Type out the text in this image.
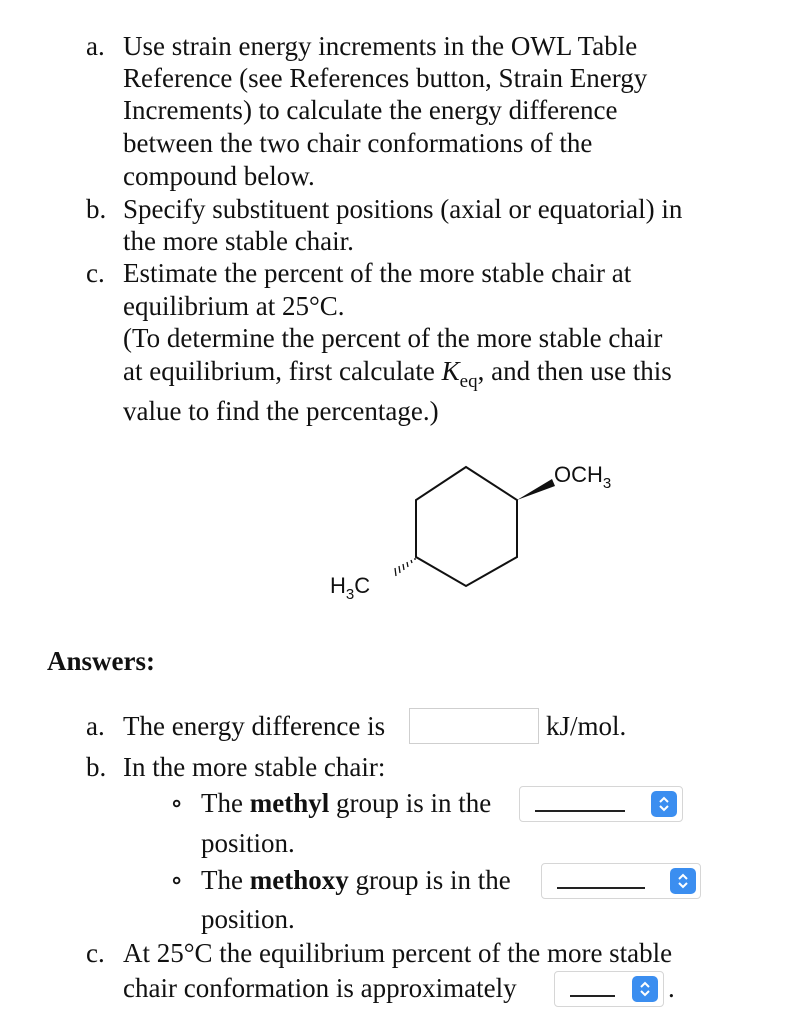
a. Use strain energy increments in the OWL Table
Reference (see References button, Strain Energy
Increments) to calculate the energy difference
between the two chair conformations of the
compound below.
b. Specify substituent positions (axial or equatorial) in
the more stable chair.
c. Estimate the percent of the more stable chair at
equilibrium at 25°C.
(To determine the percent of the more stable chair
at equilibrium, first calculate $K_{eq}$, and then use this
value to find the percentage.)
$OCH_3$
$H_3C$
Answers:
a. The energy difference is	kJ/mol.
b. In the more stable chair:
∘ The methyl group is in the
position.
∘ The methoxy group is in the
position.
c. At 25°C the equilibrium percent of the more stable
chair conformation is approximately	.
